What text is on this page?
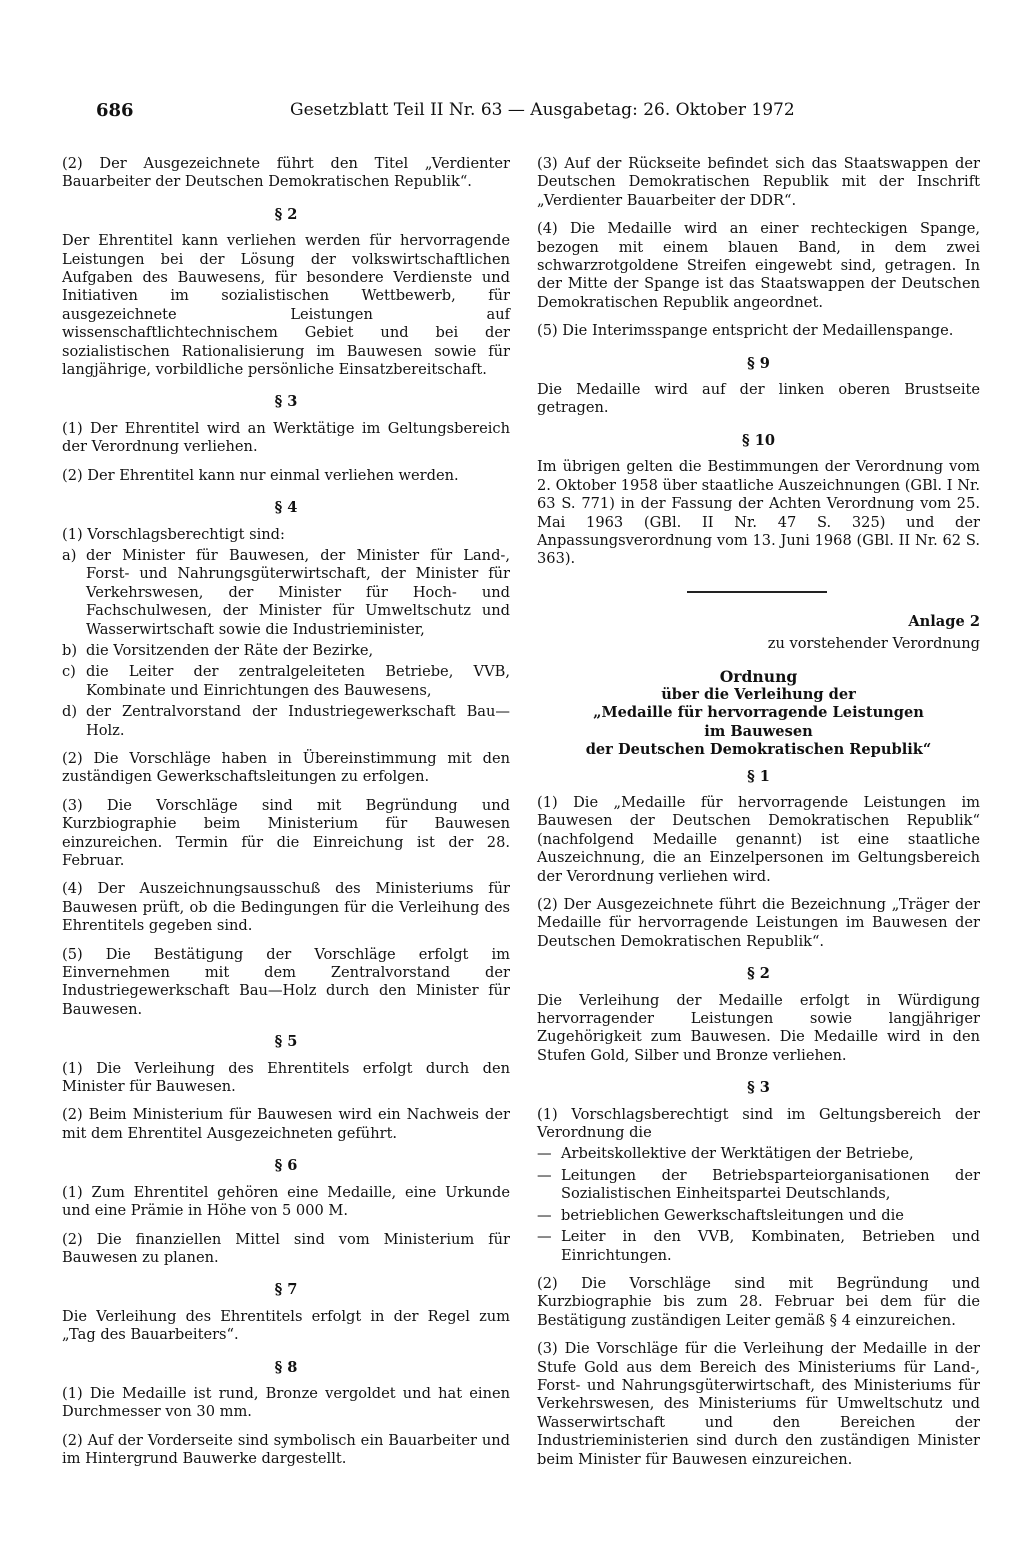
686	Gesetzblatt Teil II Nr. 63 — Ausgabetag: 26. Oktober 1972

(2) Der Ausgezeichnete führt den Titel „Verdienter Bauarbeiter der Deutschen Demokratischen Republik“.

§ 2

Der Ehrentitel kann verliehen werden für hervorragende Leistungen bei der Lösung der volkswirtschaftlichen Aufgaben des Bauwesens, für besondere Verdienste und Initiativen im sozialistischen Wettbewerb, für ausgezeichnete Leistungen auf wissenschaftlichtechnischem Gebiet und bei der sozialistischen Rationalisierung im Bauwesen sowie für langjährige, vorbildliche persönliche Einsatzbereitschaft.

§ 3

(1) Der Ehrentitel wird an Werktätige im Geltungsbereich der Verordnung verliehen.

(2) Der Ehrentitel kann nur einmal verliehen werden.

§ 4

(1) Vorschlagsberechtigt sind:

a) der Minister für Bauwesen, der Minister für Land-, Forst- und Nahrungsgüterwirtschaft, der Minister für Verkehrswesen, der Minister für Hoch- und Fachschulwesen, der Minister für Umweltschutz und Wasserwirtschaft sowie die Industrieminister,
b) die Vorsitzenden der Räte der Bezirke,
c) die Leiter der zentralgeleiteten Betriebe, VVB, Kombinate und Einrichtungen des Bauwesens,
d) der Zentralvorstand der Industriegewerkschaft Bau—Holz.

(2) Die Vorschläge haben in Übereinstimmung mit den zuständigen Gewerkschaftsleitungen zu erfolgen.

(3) Die Vorschläge sind mit Begründung und Kurzbiographie beim Ministerium für Bauwesen einzureichen. Termin für die Einreichung ist der 28. Februar.

(4) Der Auszeichnungsausschuß des Ministeriums für Bauwesen prüft, ob die Bedingungen für die Verleihung des Ehrentitels gegeben sind.

(5) Die Bestätigung der Vorschläge erfolgt im Einvernehmen mit dem Zentralvorstand der Industriegewerkschaft Bau—Holz durch den Minister für Bauwesen.

§ 5

(1) Die Verleihung des Ehrentitels erfolgt durch den Minister für Bauwesen.

(2) Beim Ministerium für Bauwesen wird ein Nachweis der mit dem Ehrentitel Ausgezeichneten geführt.

§ 6

(1) Zum Ehrentitel gehören eine Medaille, eine Urkunde und eine Prämie in Höhe von 5 000 M.

(2) Die finanziellen Mittel sind vom Ministerium für Bauwesen zu planen.

§ 7

Die Verleihung des Ehrentitels erfolgt in der Regel zum „Tag des Bauarbeiters“.

§ 8

(1) Die Medaille ist rund, Bronze vergoldet und hat einen Durchmesser von 30 mm.

(2) Auf der Vorderseite sind symbolisch ein Bauarbeiter und im Hintergrund Bauwerke dargestellt.

(3) Auf der Rückseite befindet sich das Staatswappen der Deutschen Demokratischen Republik mit der Inschrift „Verdienter Bauarbeiter der DDR“.

(4) Die Medaille wird an einer rechteckigen Spange, bezogen mit einem blauen Band, in dem zwei schwarzrotgoldene Streifen eingewebt sind, getragen. In der Mitte der Spange ist das Staatswappen der Deutschen Demokratischen Republik angeordnet.

(5) Die Interimsspange entspricht der Medaillenspange.

§ 9

Die Medaille wird auf der linken oberen Brustseite getragen.

§ 10

Im übrigen gelten die Bestimmungen der Verordnung vom 2. Oktober 1958 über staatliche Auszeichnungen (GBl. I Nr. 63 S. 771) in der Fassung der Achten Verordnung vom 25. Mai 1963 (GBl. II Nr. 47 S. 325) und der Anpassungsverordnung vom 13. Juni 1968 (GBl. II Nr. 62 S. 363).

Anlage 2
zu vorstehender Verordnung
Ordnung
über die Verleihung der
„Medaille für hervorragende Leistungen
im Bauwesen
der Deutschen Demokratischen Republik“
§ 1

(1) Die „Medaille für hervorragende Leistungen im Bauwesen der Deutschen Demokratischen Republik“ (nachfolgend Medaille genannt) ist eine staatliche Auszeichnung, die an Einzelpersonen im Geltungsbereich der Verordnung verliehen wird.

(2) Der Ausgezeichnete führt die Bezeichnung „Träger der Medaille für hervorragende Leistungen im Bauwesen der Deutschen Demokratischen Republik“.

§ 2

Die Verleihung der Medaille erfolgt in Würdigung hervorragender Leistungen sowie langjähriger Zugehörigkeit zum Bauwesen. Die Medaille wird in den Stufen Gold, Silber und Bronze verliehen.

§ 3

(1) Vorschlagsberechtigt sind im Geltungsbereich der Verordnung die

— Arbeitskollektive der Werktätigen der Betriebe,
— Leitungen der Betriebsparteiorganisationen der Sozialistischen Einheitspartei Deutschlands,
— betrieblichen Gewerkschaftsleitungen und die
— Leiter in den VVB, Kombinaten, Betrieben und Einrichtungen.

(2) Die Vorschläge sind mit Begründung und Kurzbiographie bis zum 28. Februar bei dem für die Bestätigung zuständigen Leiter gemäß § 4 einzureichen.

(3) Die Vorschläge für die Verleihung der Medaille in der Stufe Gold aus dem Bereich des Ministeriums für Land-, Forst- und Nahrungsgüterwirtschaft, des Ministeriums für Verkehrswesen, des Ministeriums für Umweltschutz und Wasserwirtschaft und den Bereichen der Industrieministerien sind durch den zuständigen Minister beim Minister für Bauwesen einzureichen.
